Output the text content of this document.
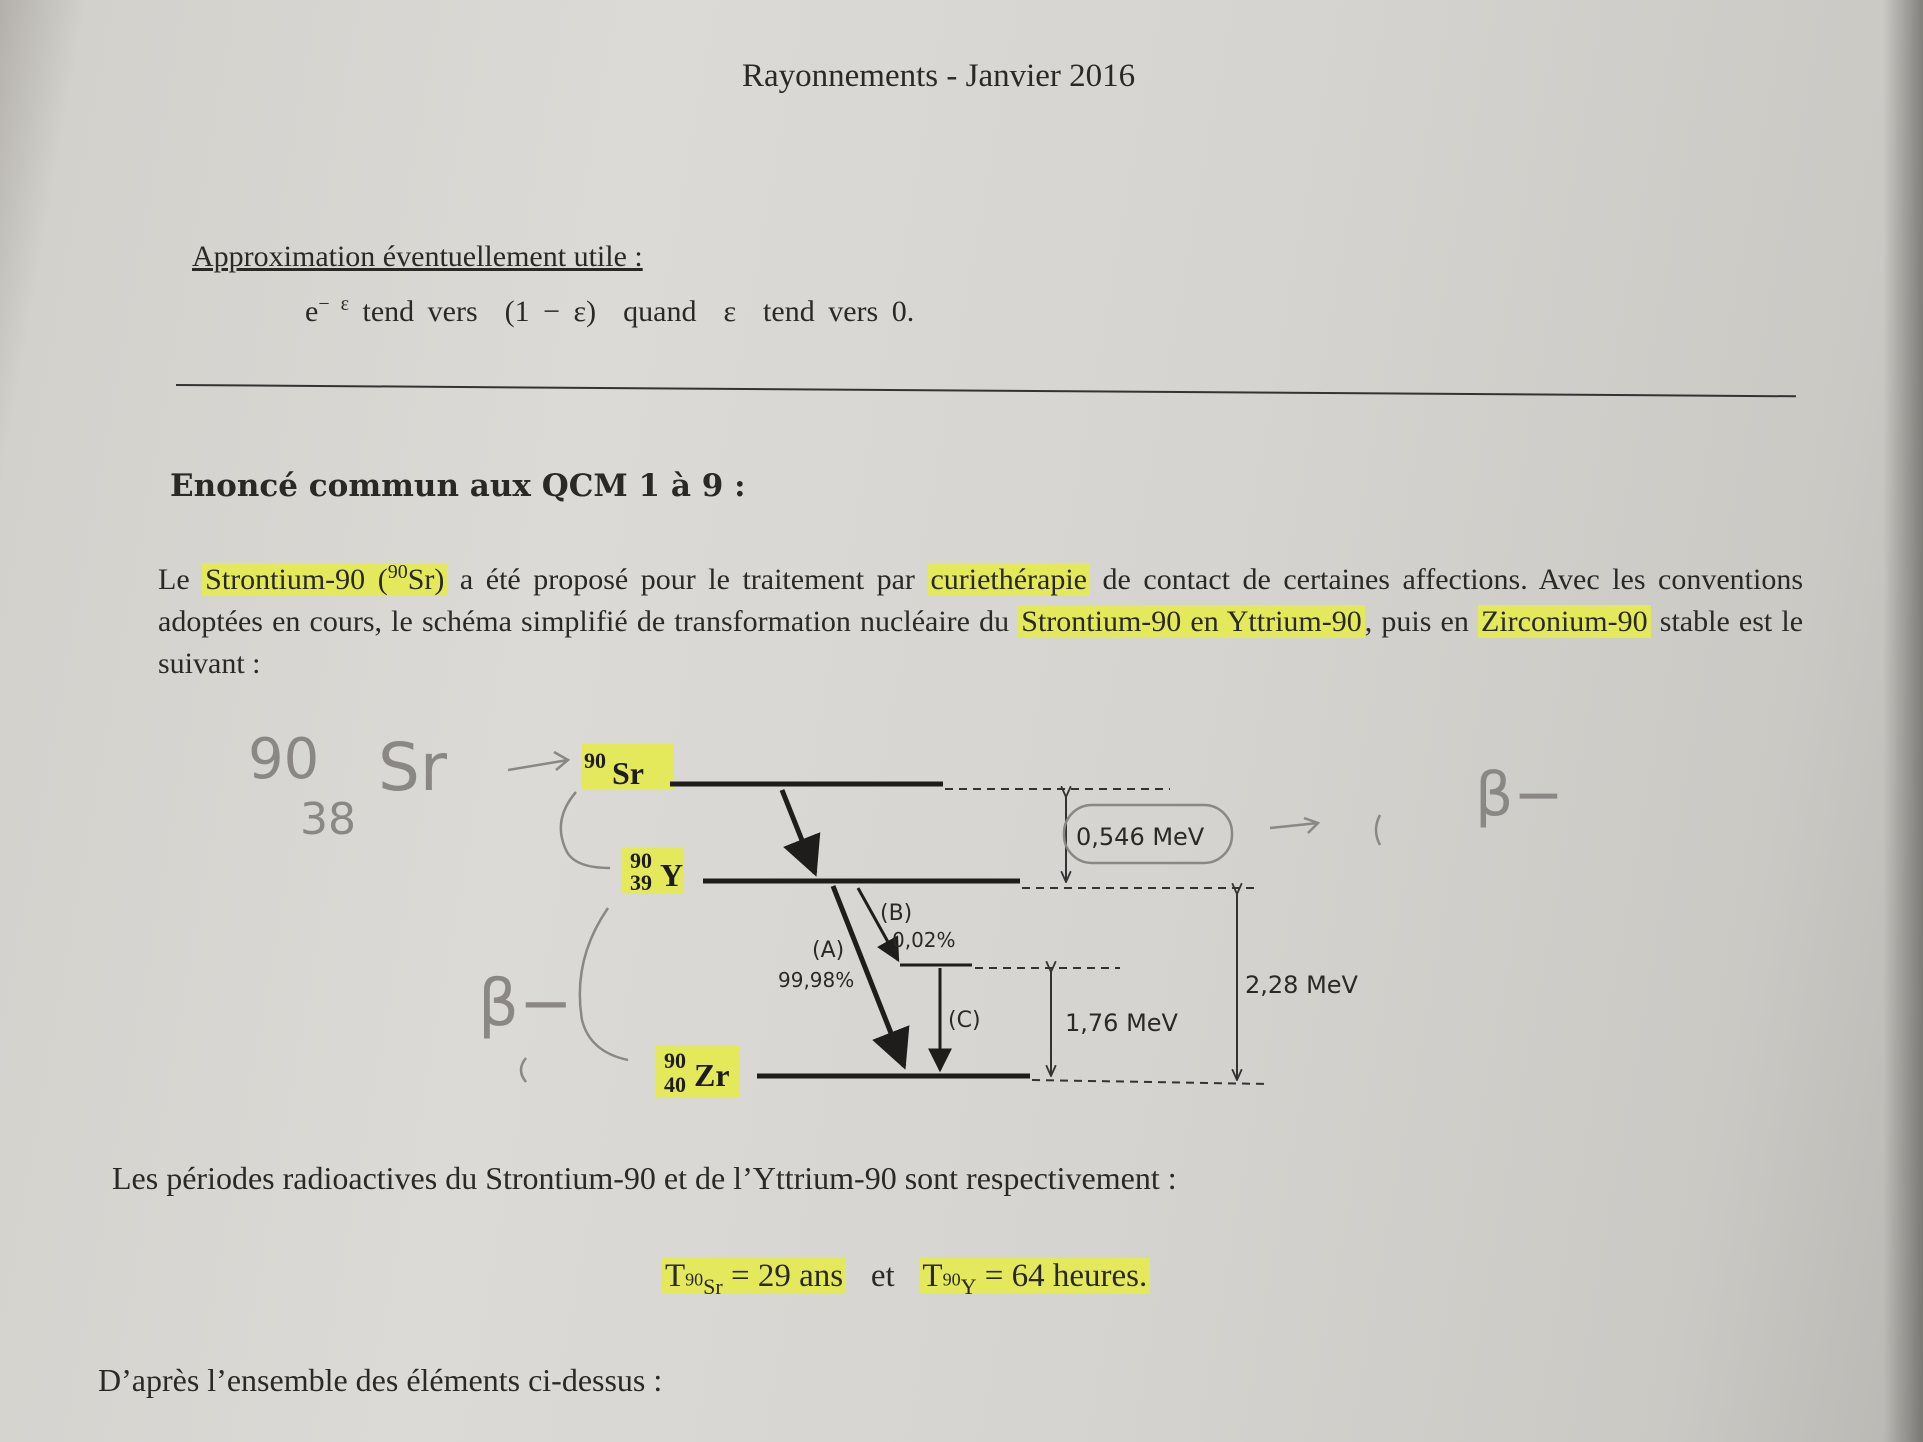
Rayonnements - Janvier 2016
Approximation éventuellement utile :
$e^{- \varepsilon}$ tend vers  (1 − ε)  quand  ε  tend vers 0.
Enoncé commun aux QCM 1 à 9 :
Le Strontium-90 ($^{90}$Sr) a été proposé pour le traitement par curiethérapie de contact de certaines affections. Avec les conventions adoptées en cours, le schéma simplifié de transformation nucléaire du Strontium-90 en Yttrium-90 , puis en Zirconium-90 stable est le suivant :
90 Sr
90
39 Y
90
40 Zr
0,546 MeV
2,28 MeV
1,76 MeV
(A)
99,98%
(B)
0,02%
(C)
90
38
Sr	β−
β−
Les périodes radioactives du Strontium-90 et de l’Yttrium-90 sont respectivement :
$T_{^{90}Sr} = 29$ ans et $T_{^{90}Y} = 64$ heures.
D’après l’ensemble des éléments ci-dessus :
